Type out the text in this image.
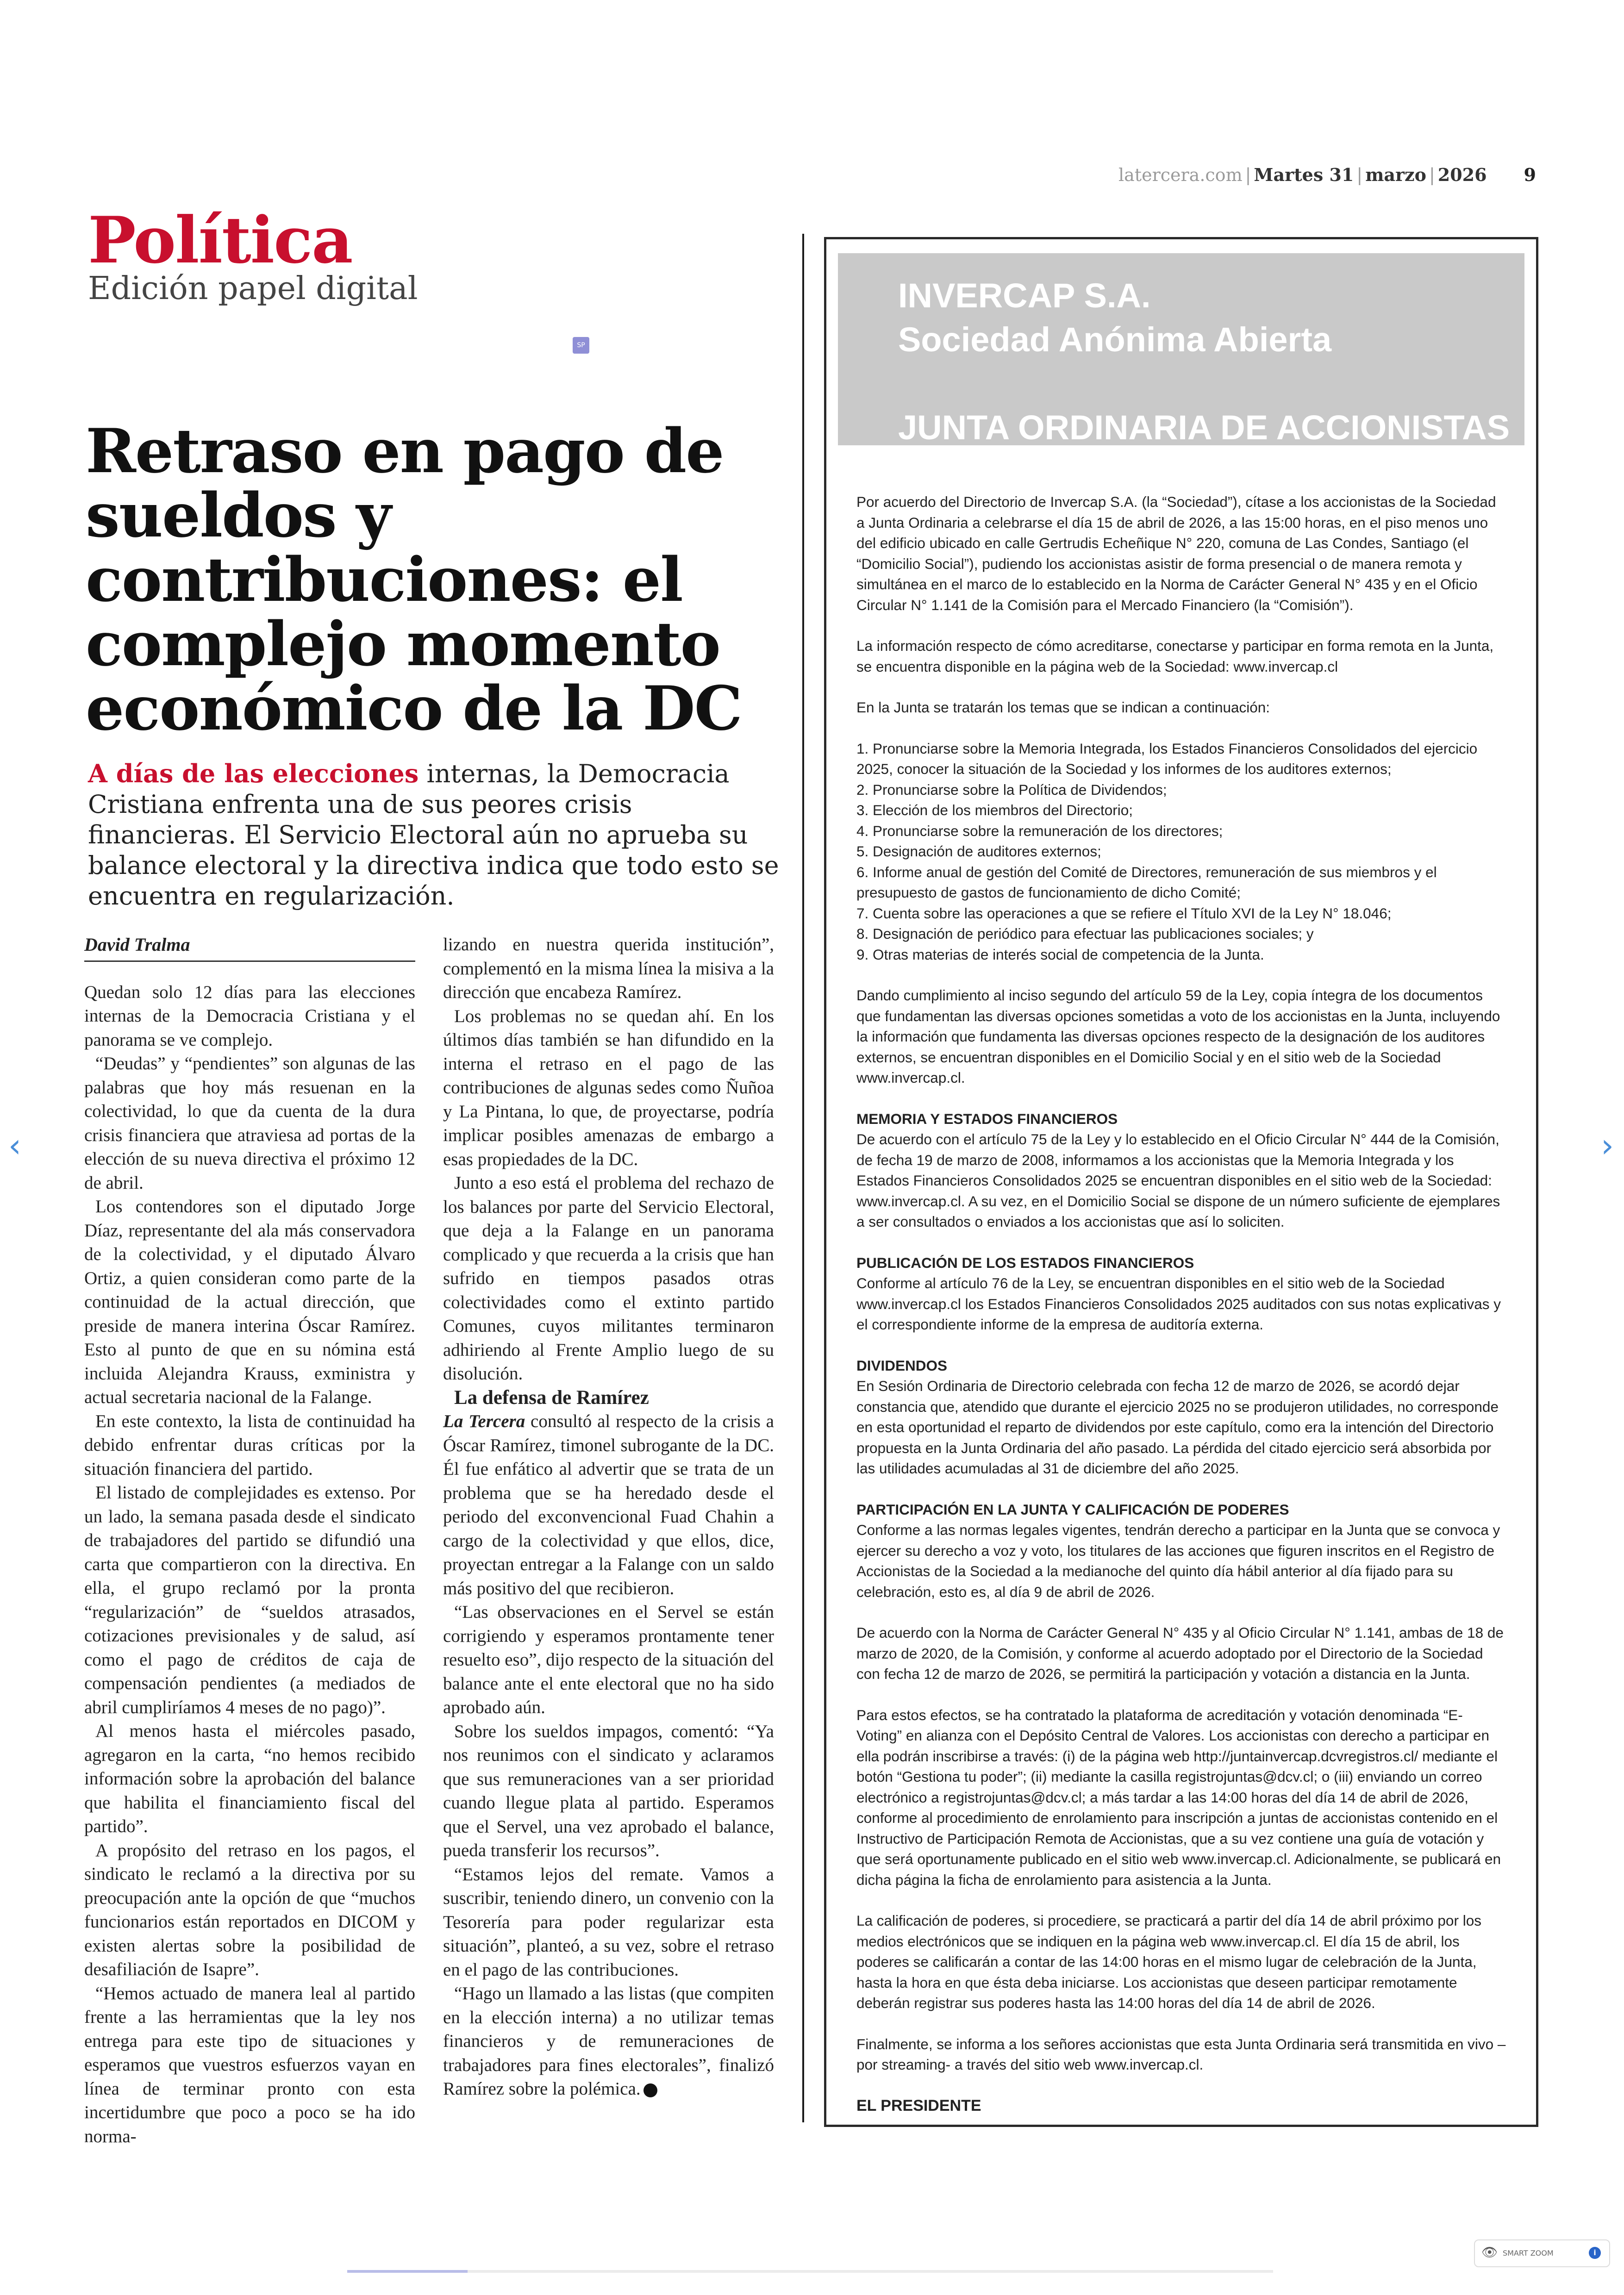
latercera.com | Martes 31 | marzo | 2026 9
Política
Edición papel digital
SP
Retraso en pago de sueldos y contribuciones: el complejo momento económico de la DC

A días de las elecciones internas, la Democracia Cristiana enfrenta una de sus peores crisis financieras. El Servicio Electoral aún no aprueba su balance electoral y la directiva indica que todo esto se encuentra en regularización.

David Tralma

Quedan solo 12 días para las elecciones internas de la Democracia Cristiana y el panorama se ve complejo.

“Deudas” y “pendientes” son algunas de las palabras que hoy más resuenan en la colectividad, lo que da cuenta de la dura crisis financiera que atraviesa ad portas de la elección de su nueva directiva el próximo 12 de abril.

Los contendores son el diputado Jorge Díaz, representante del ala más conservadora de la colectividad, y el diputado Álvaro Ortiz, a quien consideran como parte de la continuidad de la actual dirección, que preside de manera interina Óscar Ramírez. Esto al punto de que en su nómina está incluida Alejandra Krauss, exministra y actual secretaria nacional de la Falange.

En este contexto, la lista de continuidad ha debido enfrentar duras críticas por la situación financiera del partido.

El listado de complejidades es extenso. Por un lado, la semana pasada desde el sindicato de trabajadores del partido se difundió una carta que compartieron con la directiva. En ella, el grupo reclamó por la pronta “regularización” de “sueldos atrasados, cotizaciones previsionales y de salud, así como el pago de créditos de caja de compensación pendientes (a mediados de abril cumpliríamos 4 meses de no pago)”.

Al menos hasta el miércoles pasado, agregaron en la carta, “no hemos recibido información sobre la aprobación del balance que habilita el financiamiento fiscal del partido”.

A propósito del retraso en los pagos, el sindicato le reclamó a la directiva por su preocupación ante la opción de que “muchos funcionarios están reportados en DICOM y existen alertas sobre la posibilidad de desafiliación de Isapre”.

“Hemos actuado de manera leal al partido frente a las herramientas que la ley nos entrega para este tipo de situaciones y esperamos que vuestros esfuerzos vayan en línea de terminar pronto con esta incertidumbre que poco a poco se ha ido norma-

lizando en nuestra querida institución”, complementó en la misma línea la misiva a la dirección que encabeza Ramírez.

Los problemas no se quedan ahí. En los últimos días también se han difundido en la interna el retraso en el pago de las contribuciones de algunas sedes como Ñuñoa y La Pintana, lo que, de proyectarse, podría implicar posibles amenazas de embargo a esas propiedades de la DC.

Junto a eso está el problema del rechazo de los balances por parte del Servicio Electoral, que deja a la Falange en un panorama complicado y que recuerda a la crisis que han sufrido en tiempos pasados otras colectividades como el extinto partido Comunes, cuyos militantes terminaron adhiriendo al Frente Amplio luego de su disolución.

La defensa de Ramírez

La Tercera consultó al respecto de la crisis a Óscar Ramírez, timonel subrogante de la DC. Él fue enfático al advertir que se trata de un problema que se ha heredado desde el periodo del exconvencional Fuad Chahin a cargo de la colectividad y que ellos, dice, proyectan entregar a la Falange con un saldo más positivo del que recibieron.

“Las observaciones en el Servel se están corrigiendo y esperamos prontamente tener resuelto eso”, dijo respecto de la situación del balance ante el ente electoral que no ha sido aprobado aún.

Sobre los sueldos impagos, comentó: “Ya nos reunimos con el sindicato y aclaramos que sus remuneraciones van a ser prioridad cuando llegue plata al partido. Esperamos que el Servel, una vez aprobado el balance, pueda transferir los recursos”.

“Estamos lejos del remate. Vamos a suscribir, teniendo dinero, un convenio con la Tesorería para poder regularizar esta situación”, planteó, a su vez, sobre el retraso en el pago de las contribuciones.

“Hago un llamado a las listas (que compiten en la elección interna) a no utilizar temas financieros y de remuneraciones de trabajadores para fines electorales”, finalizó Ramírez sobre la polémica.

INVERCAP S.A.
Sociedad Anónima Abierta
JUNTA ORDINARIA DE ACCIONISTAS

Por acuerdo del Directorio de Invercap S.A. (la “Sociedad”), cítase a los accionistas de la Sociedad a Junta Ordinaria a celebrarse el día 15 de abril de 2026, a las 15:00 horas, en el piso menos uno del edificio ubicado en calle Gertrudis Echeñique N° 220, comuna de Las Condes, Santiago (el “Domicilio Social”), pudiendo los accionistas asistir de forma presencial o de manera remota y simultánea en el marco de lo establecido en la Norma de Carácter General N° 435 y en el Oficio Circular N° 1.141 de la Comisión para el Mercado Financiero (la “Comisión”).

La información respecto de cómo acreditarse, conectarse y participar en forma remota en la Junta, se encuentra disponible en la página web de la Sociedad: www.invercap.cl

En la Junta se tratarán los temas que se indican a continuación:

1. Pronunciarse sobre la Memoria Integrada, los Estados Financieros Consolidados del ejercicio 2025, conocer la situación de la Sociedad y los informes de los auditores externos;

2. Pronunciarse sobre la Política de Dividendos;

3. Elección de los miembros del Directorio;

4. Pronunciarse sobre la remuneración de los directores;

5. Designación de auditores externos;

6. Informe anual de gestión del Comité de Directores, remuneración de sus miembros y el presupuesto de gastos de funcionamiento de dicho Comité;

7. Cuenta sobre las operaciones a que se refiere el Título XVI de la Ley N° 18.046;

8. Designación de periódico para efectuar las publicaciones sociales; y

9. Otras materias de interés social de competencia de la Junta.

Dando cumplimiento al inciso segundo del artículo 59 de la Ley, copia íntegra de los documentos que fundamentan las diversas opciones sometidas a voto de los accionistas en la Junta, incluyendo la información que fundamenta las diversas opciones respecto de la designación de los auditores externos, se encuentran disponibles en el Domicilio Social y en el sitio web de la Sociedad www.invercap.cl.

MEMORIA Y ESTADOS FINANCIEROS

De acuerdo con el artículo 75 de la Ley y lo establecido en el Oficio Circular N° 444 de la Comisión, de fecha 19 de marzo de 2008, informamos a los accionistas que la Memoria Integrada y los Estados Financieros Consolidados 2025 se encuentran disponibles en el sitio web de la Sociedad: www.invercap.cl. A su vez, en el Domicilio Social se dispone de un número suficiente de ejemplares a ser consultados o enviados a los accionistas que así lo soliciten.

PUBLICACIÓN DE LOS ESTADOS FINANCIEROS

Conforme al artículo 76 de la Ley, se encuentran disponibles en el sitio web de la Sociedad www.invercap.cl los Estados Financieros Consolidados 2025 auditados con sus notas explicativas y el correspondiente informe de la empresa de auditoría externa.

DIVIDENDOS

En Sesión Ordinaria de Directorio celebrada con fecha 12 de marzo de 2026, se acordó dejar constancia que, atendido que durante el ejercicio 2025 no se produjeron utilidades, no corresponde en esta oportunidad el reparto de dividendos por este capítulo, como era la intención del Directorio propuesta en la Junta Ordinaria del año pasado. La pérdida del citado ejercicio será absorbida por las utilidades acumuladas al 31 de diciembre del año 2025.

PARTICIPACIÓN EN LA JUNTA Y CALIFICACIÓN DE PODERES

Conforme a las normas legales vigentes, tendrán derecho a participar en la Junta que se convoca y ejercer su derecho a voz y voto, los titulares de las acciones que figuren inscritos en el Registro de Accionistas de la Sociedad a la medianoche del quinto día hábil anterior al día fijado para su celebración, esto es, al día 9 de abril de 2026.

De acuerdo con la Norma de Carácter General N° 435 y al Oficio Circular N° 1.141, ambas de 18 de marzo de 2020, de la Comisión, y conforme al acuerdo adoptado por el Directorio de la Sociedad con fecha 12 de marzo de 2026, se permitirá la participación y votación a distancia en la Junta.

Para estos efectos, se ha contratado la plataforma de acreditación y votación denominada “E-Voting” en alianza con el Depósito Central de Valores. Los accionistas con derecho a participar en ella podrán inscribirse a través: (i) de la página web http://juntainvercap.dcvregistros.cl/ mediante el botón “Gestiona tu poder”; (ii) mediante la casilla registrojuntas@dcv.cl; o (iii) enviando un correo electrónico a registrojuntas@dcv.cl; a más tardar a las 14:00 horas del día 14 de abril de 2026, conforme al procedimiento de enrolamiento para inscripción a juntas de accionistas contenido en el Instructivo de Participación Remota de Accionistas, que a su vez contiene una guía de votación y que será oportunamente publicado en el sitio web www.invercap.cl. Adicionalmente, se publicará en dicha página la ficha de enrolamiento para asistencia a la Junta.

La calificación de poderes, si procediere, se practicará a partir del día 14 de abril próximo por los medios electrónicos que se indiquen en la página web www.invercap.cl. El día 15 de abril, los poderes se calificarán a contar de las 14:00 horas en el mismo lugar de celebración de la Junta, hasta la hora en que ésta deba iniciarse. Los accionistas que deseen participar remotamente deberán registrar sus poderes hasta las 14:00 horas del día 14 de abril de 2026.

Finalmente, se informa a los señores accionistas que esta Junta Ordinaria será transmitida en vivo –por streaming- a través del sitio web www.invercap.cl.

EL PRESIDENTE

‹	›
👁 SMART ZOOM	i
